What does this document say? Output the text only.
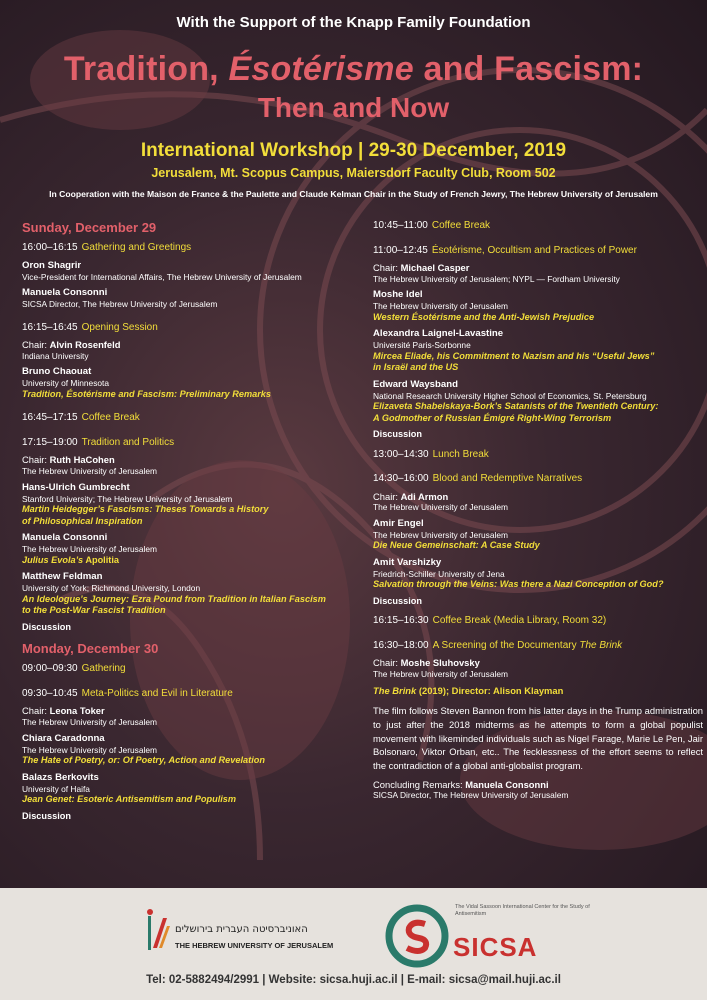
With the Support of the Knapp Family Foundation
Tradition, Ésotérisme and Fascism:
Then and Now
International Workshop | 29-30 December, 2019
Jerusalem, Mt. Scopus Campus, Maiersdorf Faculty Club, Room 502
In Cooperation with the Maison de France & the Paulette and Claude Kelman Chair in the Study of French Jewry, The Hebrew University of Jerusalem
Sunday, December 29
16:00–16:15 Gathering and Greetings
Oron Shagrir
Vice-President for International Affairs, The Hebrew University of Jerusalem
Manuela Consonni
SICSA Director, The Hebrew University of Jerusalem
16:15–16:45 Opening Session
Chair: Alvin Rosenfeld
Indiana University
Bruno Chaouat
University of Minnesota
Tradition, Ésotérisme and Fascism: Preliminary Remarks
16:45–17:15 Coffee Break
17:15–19:00 Tradition and Politics
Chair: Ruth HaCohen
The Hebrew University of Jerusalem
Hans-Ulrich Gumbrecht
Stanford University; The Hebrew University of Jerusalem
Martin Heidegger’s Fascisms: Theses Towards a History
of Philosophical Inspiration
Manuela Consonni
The Hebrew University of Jerusalem
Julius Evola’s Apolitia
Matthew Feldman
University of York; Richmond University, London
An Ideologue’s Journey: Ezra Pound from Tradition in Italian Fascism
to the Post-War Fascist Tradition
Discussion
Monday, December 30
09:00–09:30 Gathering
09:30–10:45 Meta-Politics and Evil in Literature
Chair: Leona Toker
The Hebrew University of Jerusalem
Chiara Caradonna
The Hebrew University of Jerusalem
The Hate of Poetry, or: Of Poetry, Action and Revelation
Balazs Berkovits
University of Haifa
Jean Genet: Esoteric Antisemitism and Populism
Discussion
10:45–11:00 Coffee Break
11:00–12:45 Ésotérisme, Occultism and Practices of Power
Chair: Michael Casper
The Hebrew University of Jerusalem; NYPL — Fordham University
Moshe Idel
The Hebrew University of Jerusalem
Western Ésotérisme and the Anti-Jewish Prejudice
Alexandra Laignel-Lavastine
Université Paris-Sorbonne
Mircea Eliade, his Commitment to Nazism and his “Useful Jews”
in Israël and the US
Edward Waysband
National Research University Higher School of Economics, St. Petersburg
Elizaveta Shabelskaya-Bork’s Satanists of the Twentieth Century:
A Godmother of Russian Émigré Right-Wing Terrorism
Discussion
13:00–14:30 Lunch Break
14:30–16:00 Blood and Redemptive Narratives
Chair: Adi Armon
The Hebrew University of Jerusalem
Amir Engel
The Hebrew University of Jerusalem
Die Neue Gemeinschaft: A Case Study
Amit Varshizky
Friedrich-Schiller University of Jena
Salvation through the Veins: Was there a Nazi Conception of God?
Discussion
16:15–16:30 Coffee Break (Media Library, Room 32)
16:30–18:00 A Screening of the Documentary The Brink
Chair: Moshe Sluhovsky
The Hebrew University of Jerusalem
The Brink (2019); Director: Alison Klayman
The film follows Steven Bannon from his latter days in the Trump administration to just after the 2018 midterms as he attempts to form a global populist movement with likeminded individuals such as Nigel Farage, Marie Le Pen, Jair Bolsonaro, Viktor Orban, etc.. The fecklessness of the effort seems to reflect the contradiction of a global anti-globalist program.
Concluding Remarks: Manuela Consonni
SICSA Director, The Hebrew University of Jerusalem
האוניברסיטה העברית בירושלים
THE HEBREW UNIVERSITY OF JERUSALEM
The Vidal Sassoon International Center for the Study of Antisemitism
SICSA
Tel: 02-5882494/2991 | Website: sicsa.huji.ac.il | E-mail: sicsa@mail.huji.ac.il
